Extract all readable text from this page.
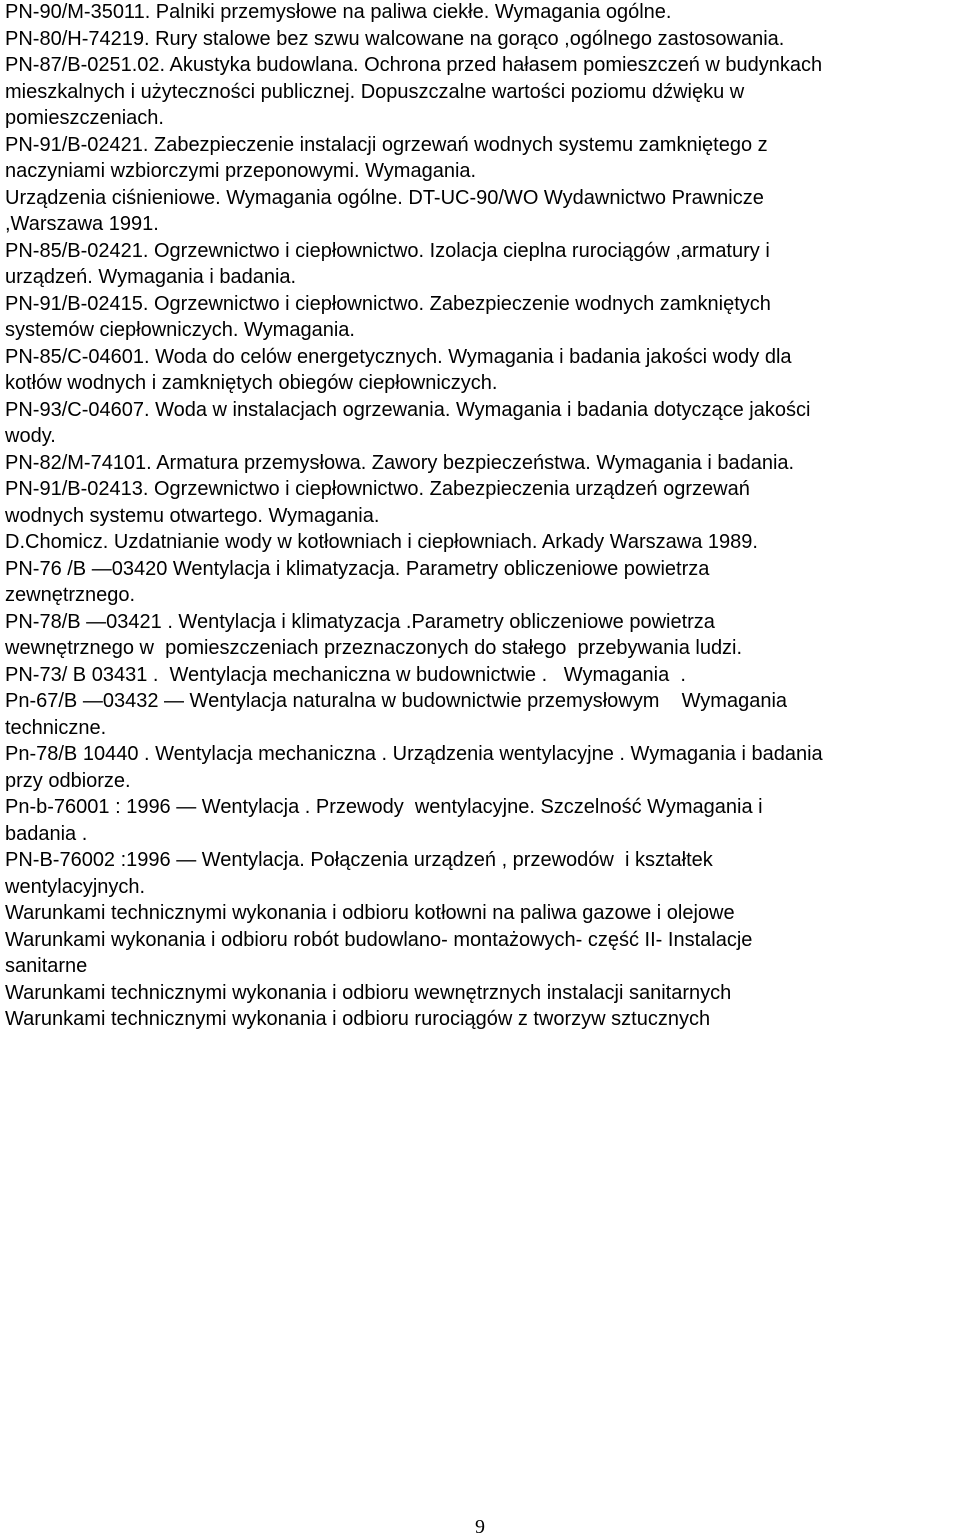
PN-90/M-35011. Palniki przemysłowe na paliwa ciekłe. Wymagania ogólne.
PN-80/H-74219. Rury stalowe bez szwu walcowane na gorąco ,ogólnego zastosowania.
PN-87/B-0251.02. Akustyka budowlana. Ochrona przed hałasem pomieszczeń w budynkach
mieszkalnych i użyteczności publicznej. Dopuszczalne wartości poziomu dźwięku w
pomieszczeniach.
PN-91/B-02421. Zabezpieczenie instalacji ogrzewań wodnych systemu zamkniętego z
naczyniami wzbiorczymi przeponowymi. Wymagania.
Urządzenia ciśnieniowe. Wymagania ogólne. DT-UC-90/WO Wydawnictwo Prawnicze
,Warszawa 1991.
PN-85/B-02421. Ogrzewnictwo i ciepłownictwo. Izolacja cieplna rurociągów ,armatury i
urządzeń. Wymagania i badania.
PN-91/B-02415. Ogrzewnictwo i ciepłownictwo. Zabezpieczenie wodnych zamkniętych
systemów ciepłowniczych. Wymagania.
PN-85/C-04601. Woda do celów energetycznych. Wymagania i badania jakości wody dla
kotłów wodnych i zamkniętych obiegów ciepłowniczych.
PN-93/C-04607. Woda w instalacjach ogrzewania. Wymagania i badania dotyczące jakości
wody.
PN-82/M-74101. Armatura przemysłowa. Zawory bezpieczeństwa. Wymagania i badania.
PN-91/B-02413. Ogrzewnictwo i ciepłownictwo. Zabezpieczenia urządzeń ogrzewań
wodnych systemu otwartego. Wymagania.
D.Chomicz. Uzdatnianie wody w kotłowniach i ciepłowniach. Arkady Warszawa 1989.
PN-76 /B —03420 Wentylacja i klimatyzacja. Parametry obliczeniowe powietrza
zewnętrznego.
PN-78/B —03421 . Wentylacja i klimatyzacja .Parametry obliczeniowe powietrza
wewnętrznego w  pomieszczeniach przeznaczonych do stałego  przebywania ludzi.
PN-73/ B 03431 .  Wentylacja mechaniczna w budownictwie .   Wymagania  .
Pn-67/B —03432 — Wentylacja naturalna w budownictwie przemysłowym    Wymagania
techniczne.
Pn-78/B 10440 . Wentylacja mechaniczna . Urządzenia wentylacyjne . Wymagania i badania
przy odbiorze.
Pn-b-76001 : 1996 — Wentylacja . Przewody  wentylacyjne. Szczelność Wymagania i
badania .
PN-B-76002 :1996 — Wentylacja. Połączenia urządzeń , przewodów  i kształtek
wentylacyjnych.
Warunkami technicznymi wykonania i odbioru kotłowni na paliwa gazowe i olejowe
Warunkami wykonania i odbioru robót budowlano- montażowych- część II- Instalacje
sanitarne
Warunkami technicznymi wykonania i odbioru wewnętrznych instalacji sanitarnych
Warunkami technicznymi wykonania i odbioru rurociągów z tworzyw sztucznych
9
